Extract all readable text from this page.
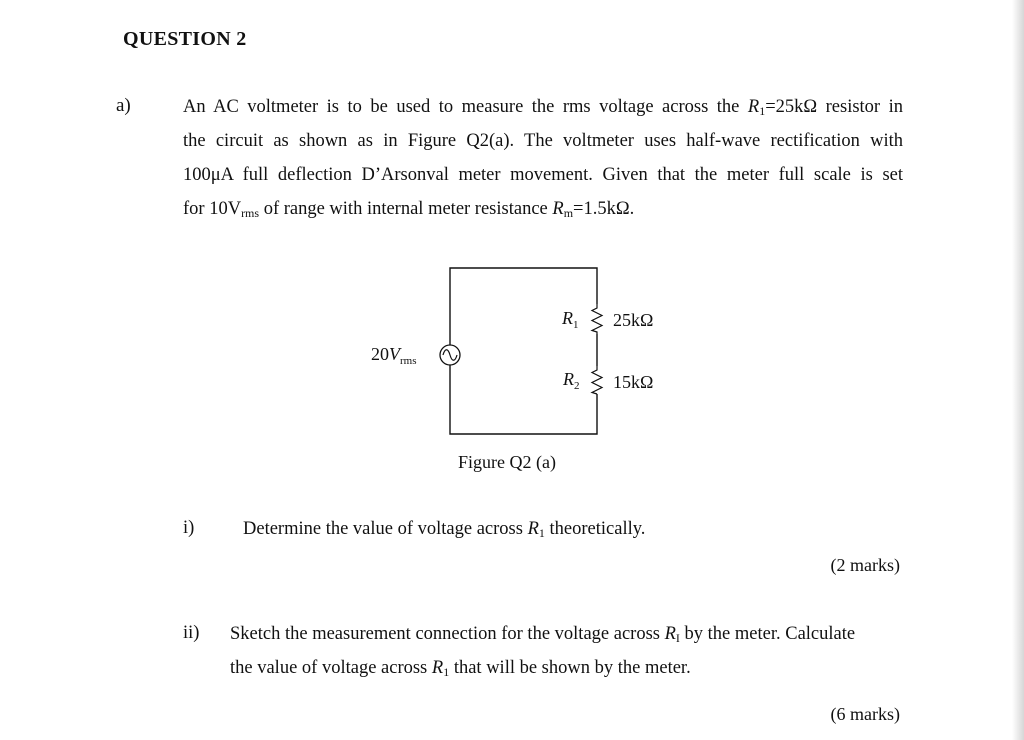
QUESTION 2
a)	An AC voltmeter is to be used to measure the rms voltage across the $R_1=25k\Omega$ resistor in
the circuit as shown as in Figure Q2(a). The voltmeter uses half-wave rectification with
100μA full deflection D’Arsonval meter movement. Given that the meter full scale is set
for $10V_{rms}$ of range with internal meter resistance $R_m=1.5k\Omega$.
$20V_{rms}$
$R_1$ 25kΩ
$R_2$ 15kΩ
Figure Q2 (a)
i)	Determine the value of voltage across $R_1$ theoretically.
(2 marks)
ii) Sketch the measurement connection for the voltage across $R_I$ by the meter. Calculate
the value of voltage across $R_1$ that will be shown by the meter.
(6 marks)
